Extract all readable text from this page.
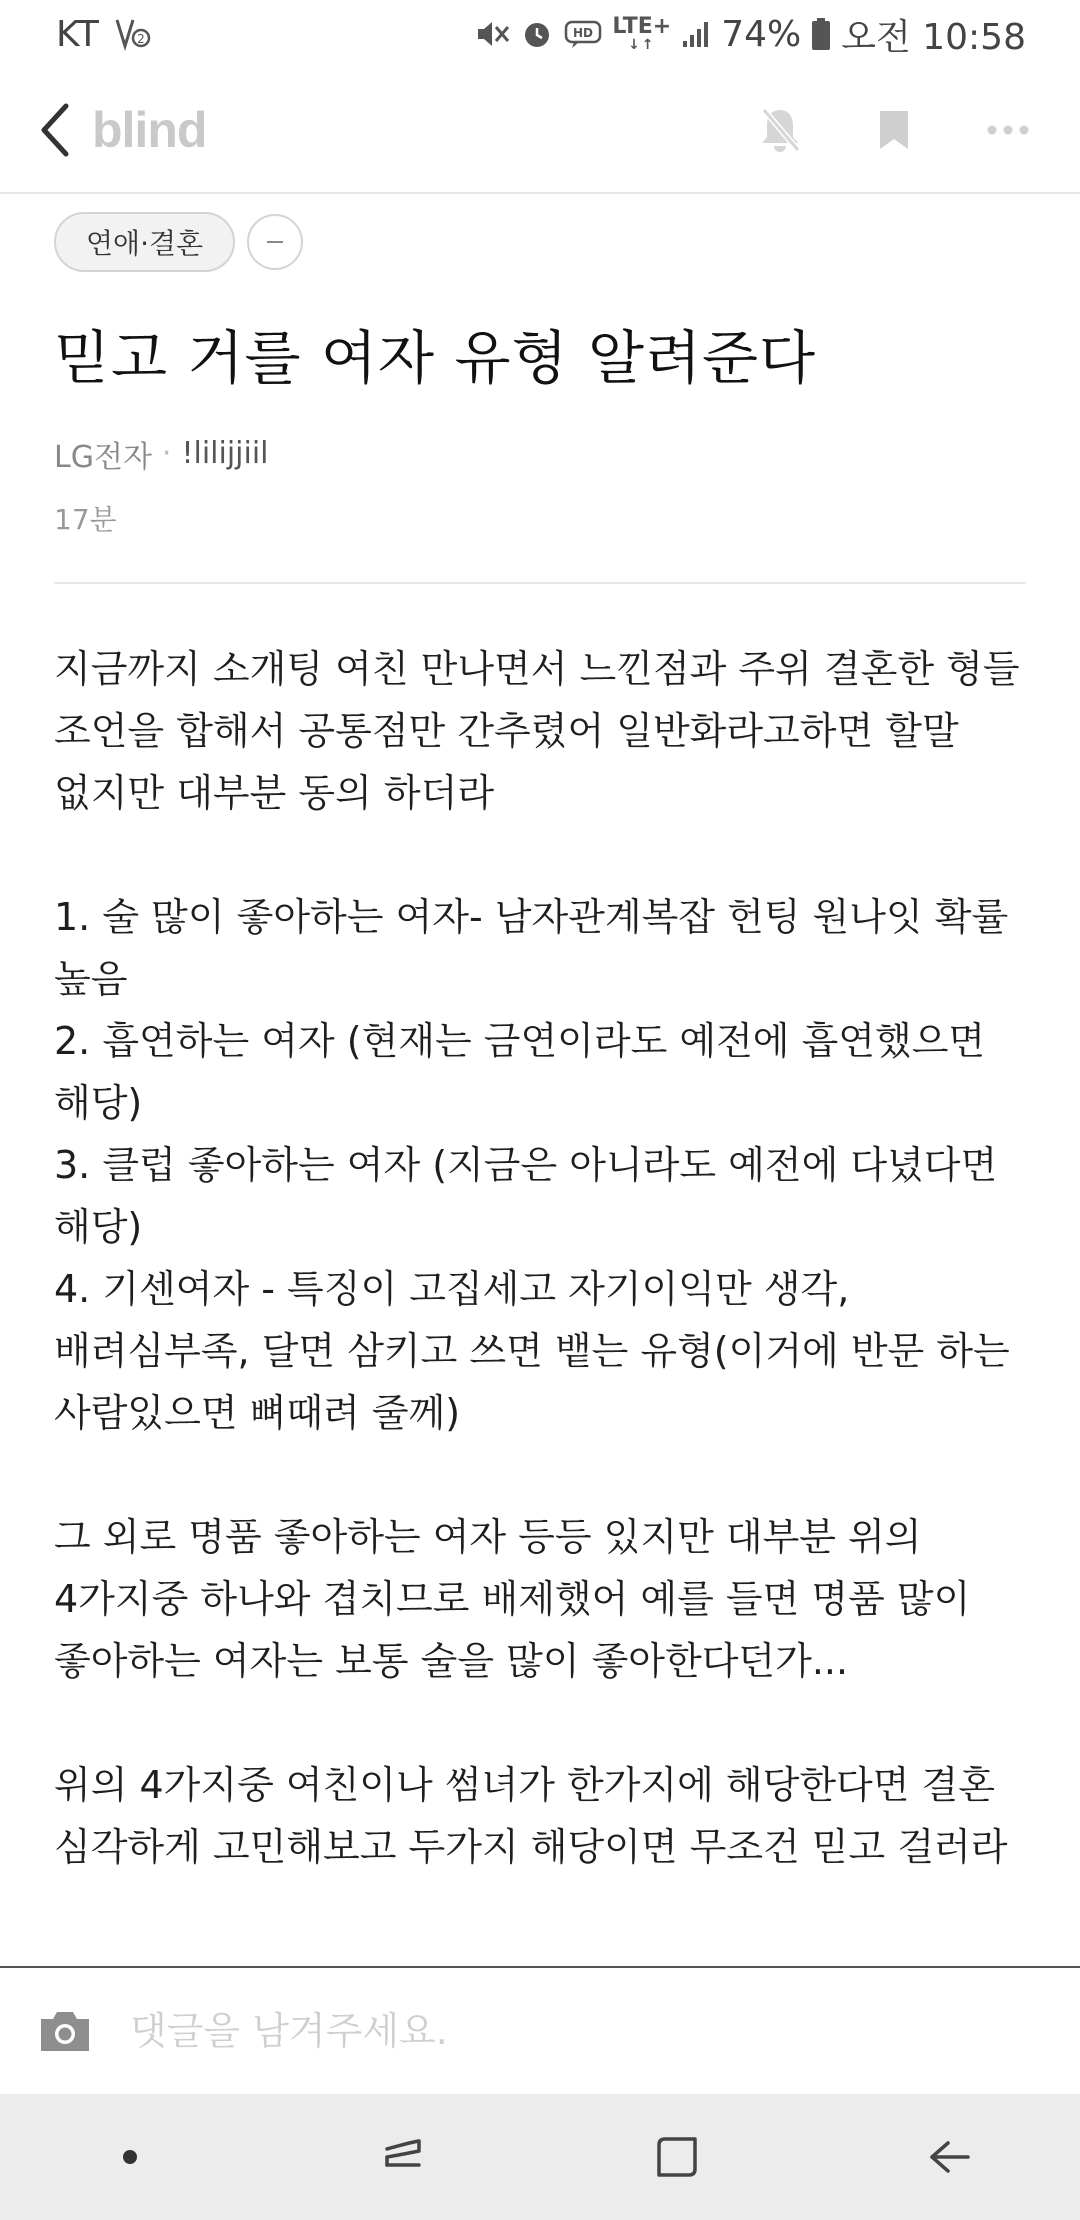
KT	2	HD LTE+
↓↑ 74% 오전 10:58
blind
연애·결혼
믿고 거를 여자 유형 알려준다
LG전자 · !lilijjiil
17분
지금까지 소개팅 여친 만나면서 느낀점과 주위 결혼한 형들 조언을 합해서 공통점만 간추렸어 일반화라고하면 할말 없지만 대부분 동의 하더라

1. 술 많이 좋아하는 여자- 남자관계복잡 헌팅 원나잇 확률 높음
2. 흡연하는 여자 (현재는 금연이라도 예전에 흡연했으면 해당)
3. 클럽 좋아하는 여자 (지금은 아니라도 예전에 다녔다면 해당)
4. 기센여자 - 특징이 고집세고 자기이익만 생각, 배려심부족, 달면 삼키고 쓰면 뱉는 유형(이거에 반문 하는 사람있으면 뼈때려 줄께)

그 외로 명품 좋아하는 여자 등등 있지만 대부분 위의 4가지중 하나와 겹치므로 배제했어 예를 들면 명품 많이 좋아하는 여자는 보통 술을 많이 좋아한다던가...

위의 4가지중 여친이나 썸녀가 한가지에 해당한다면 결혼 심각하게 고민해보고 두가지 해당이면 무조건 믿고 걸러라
댓글을 남겨주세요.
